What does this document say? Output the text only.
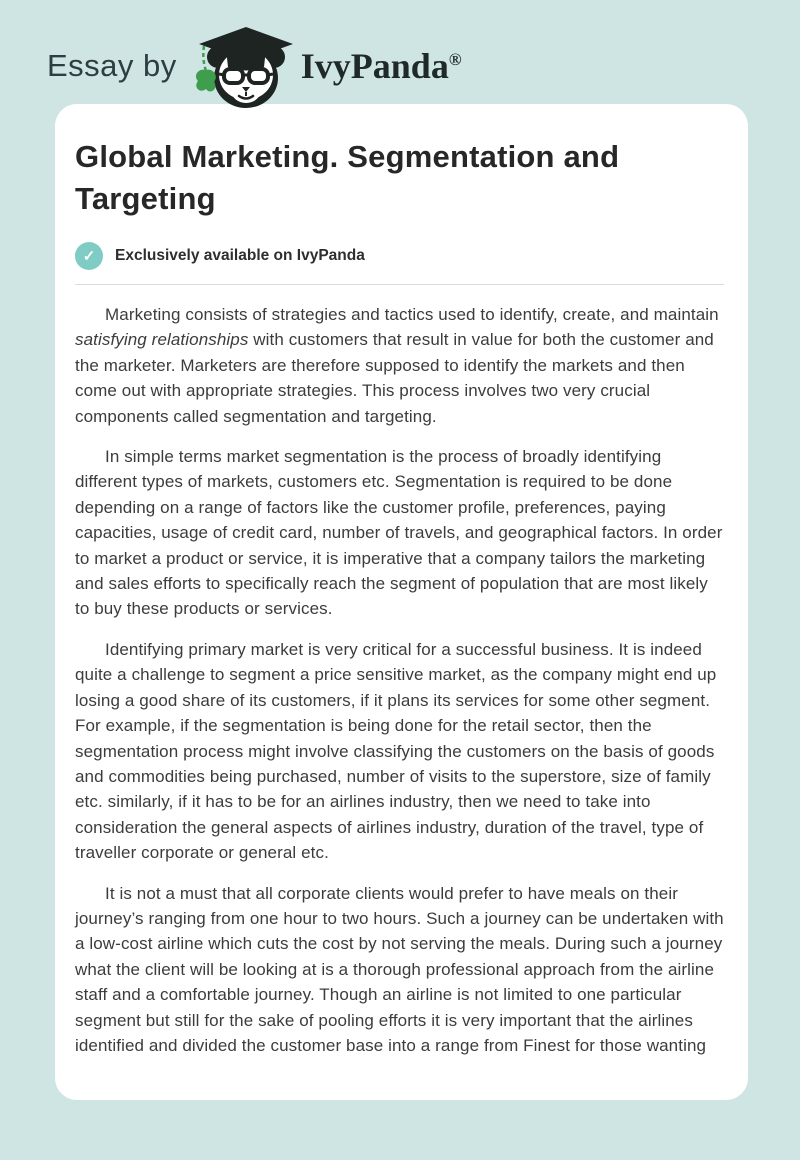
Essay by	IvyPanda®
Global Marketing. Segmentation and Targeting
✓	Exclusively available on IvyPanda

Marketing consists of strategies and tactics used to identify, create, and maintain satisfying relationships with customers that result in value for both the customer and the marketer. Marketers are therefore supposed to identify the markets and then come out with appropriate strategies. This process involves two very crucial components called segmentation and targeting.

In simple terms market segmentation is the process of broadly identifying different types of markets, customers etc. Segmentation is required to be done depending on a range of factors like the customer profile, preferences, paying capacities, usage of credit card, number of travels, and geographical factors. In order to market a product or service, it is imperative that a company tailors the marketing and sales efforts to specifically reach the segment of population that are most likely to buy these products or services.

Identifying primary market is very critical for a successful business. It is indeed quite a challenge to segment a price sensitive market, as the company might end up losing a good share of its customers, if it plans its services for some other segment. For example, if the segmentation is being done for the retail sector, then the segmentation process might involve classifying the customers on the basis of goods and commodities being purchased, number of visits to the superstore, size of family etc. similarly, if it has to be for an airlines industry, then we need to take into consideration the general aspects of airlines industry, duration of the travel, type of traveller corporate or general etc.

It is not a must that all corporate clients would prefer to have meals on their journey’s ranging from one hour to two hours. Such a journey can be undertaken with a low-cost airline which cuts the cost by not serving the meals. During such a journey what the client will be looking at is a thorough professional approach from the airline staff and a comfortable journey. Though an airline is not limited to one particular segment but still for the sake of pooling efforts it is very important that the airlines identified and divided the customer base into a range from Finest for those wanting
